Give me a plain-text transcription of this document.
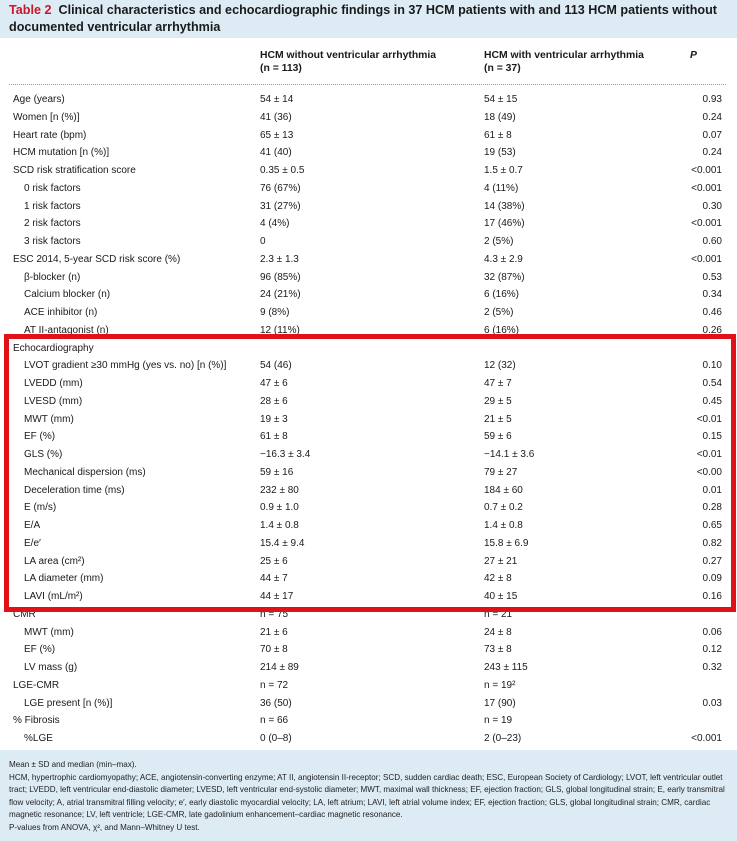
Table 2 Clinical characteristics and echocardiographic findings in 37 HCM patients with and 113 HCM patients without documented ventricular arrhythmia
HCM without ventricular arrhythmia
(n = 113)
HCM with ventricular arrhythmia
(n = 37)
P
Age (years)	54 ± 14	54 ± 15	0.93
Women [n (%)]	41 (36)	18 (49)	0.24
Heart rate (bpm)	65 ± 13	61 ± 8	0.07
HCM mutation [n (%)]	41 (40)	19 (53)	0.24
SCD risk stratification score	0.35 ± 0.5	1.5 ± 0.7	<0.001
0 risk factors	76 (67%)	4 (11%)	<0.001
1 risk factors	31 (27%)	14 (38%)	0.30
2 risk factors	4 (4%)	17 (46%)	<0.001
3 risk factors	0	2 (5%)	0.60
ESC 2014, 5-year SCD risk score (%)	2.3 ± 1.3	4.3 ± 2.9	<0.001
β-blocker (n)	96 (85%)	32 (87%)	0.53
Calcium blocker (n)	24 (21%)	6 (16%)	0.34
ACE inhibitor (n)	9 (8%)	2 (5%)	0.46
AT II-antagonist (n)	12 (11%)	6 (16%)	0.26
Echocardiography
LVOT gradient ≥30 mmHg (yes vs. no) [n (%)]	54 (46)	12 (32)	0.10
LVEDD (mm)	47 ± 6	47 ± 7	0.54
LVESD (mm)	28 ± 6	29 ± 5	0.45
MWT (mm)	19 ± 3	21 ± 5	<0.01
EF (%)	61 ± 8	59 ± 6	0.15
GLS (%)	−16.3 ± 3.4	−14.1 ± 3.6	<0.01
Mechanical dispersion (ms)	59 ± 16	79 ± 27	<0.00
Deceleration time (ms)	232 ± 80	184 ± 60	0.01
E (m/s)	0.9 ± 1.0	0.7 ± 0.2	0.28
E/A	1.4 ± 0.8	1.4 ± 0.8	0.65
E/e′	15.4 ± 9.4	15.8 ± 6.9	0.82
LA area (cm²)	25 ± 6	27 ± 21	0.27
LA diameter (mm)	44 ± 7	42 ± 8	0.09
LAVI (mL/m²)	44 ± 17	40 ± 15	0.16
CMR	n = 75	n = 21
MWT (mm)	21 ± 6	24 ± 8	0.06
EF (%)	70 ± 8	73 ± 8	0.12
LV mass (g)	214 ± 89	243 ± 115	0.32
LGE-CMR	n = 72	n = 19²
LGE present [n (%)]	36 (50)	17 (90)	0.03
% Fibrosis	n = 66	n = 19
%LGE	0 (0–8)	2 (0–23)	<0.001

Mean ± SD and median (min–max).

HCM, hypertrophic cardiomyopathy; ACE, angiotensin-converting enzyme; AT II, angiotensin II-receptor; SCD, sudden cardiac death; ESC, European Society of Cardiology; LVOT, left ventricular outlet tract; LVEDD, left ventricular end-diastolic diameter; LVESD, left ventricular end-systolic diameter; MWT, maximal wall thickness; EF, ejection fraction; GLS, global longitudinal strain; E, early transmitral flow velocity; A, atrial transmitral filling velocity; e′, early diastolic myocardial velocity; LA, left atrium; LAVI, left atrial volume index; EF, ejection fraction; GLS, global longitudinal strain; CMR, cardiac magnetic resonance; LV, left ventricle; LGE-CMR, late gadolinium enhancement–cardiac magnetic resonance.

P-values from ANOVA, χ², and Mann–Whitney U test.
